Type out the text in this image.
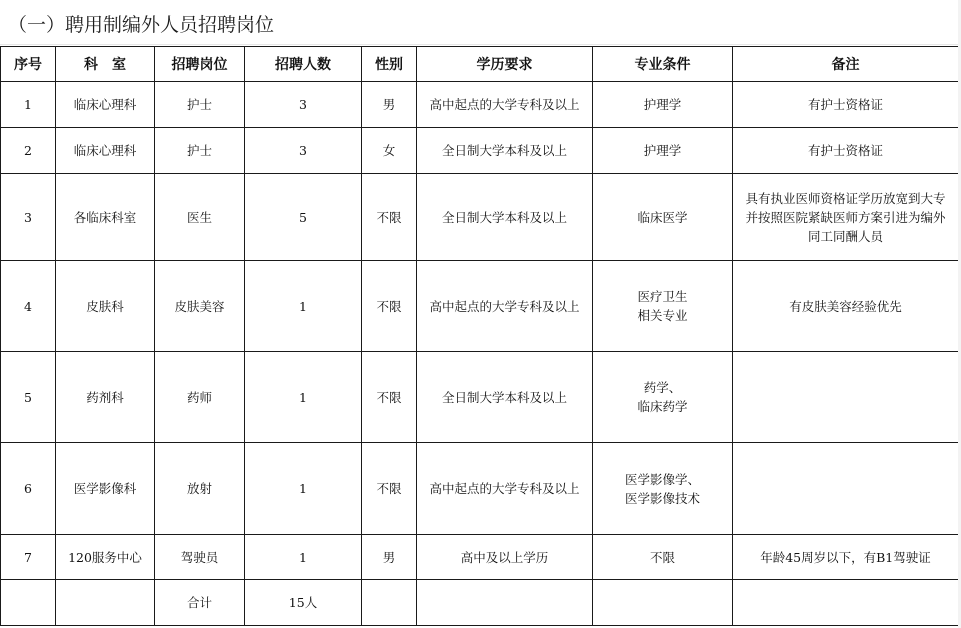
（一）聘用制编外人员招聘岗位
序号	科　室	招聘岗位	招聘人数	性别	学历要求	专业条件	备注
1	临床心理科	护士	3	男	高中起点的大学专科及以上	护理学	有护士资格证
2	临床心理科	护士	3	女	全日制大学本科及以上	护理学	有护士资格证
3	各临床科室	医生	5	不限	全日制大学本科及以上	临床医学	具有执业医师资格证学历放宽到大专
并按照医院紧缺医师方案引进为编外
同工同酬人员
4	皮肤科	皮肤美容	1	不限	高中起点的大学专科及以上	医疗卫生
相关专业	有皮肤美容经验优先
5	药剂科	药师	1	不限	全日制大学本科及以上	药学、
临床药学	
6	医学影像科	放射	1	不限	高中起点的大学专科及以上	医学影像学、
医学影像技术	
7	120服务中心	驾驶员	1	男	高中及以上学历	不限	年龄45周岁以下，有B1驾驶证
		合计	15人				
